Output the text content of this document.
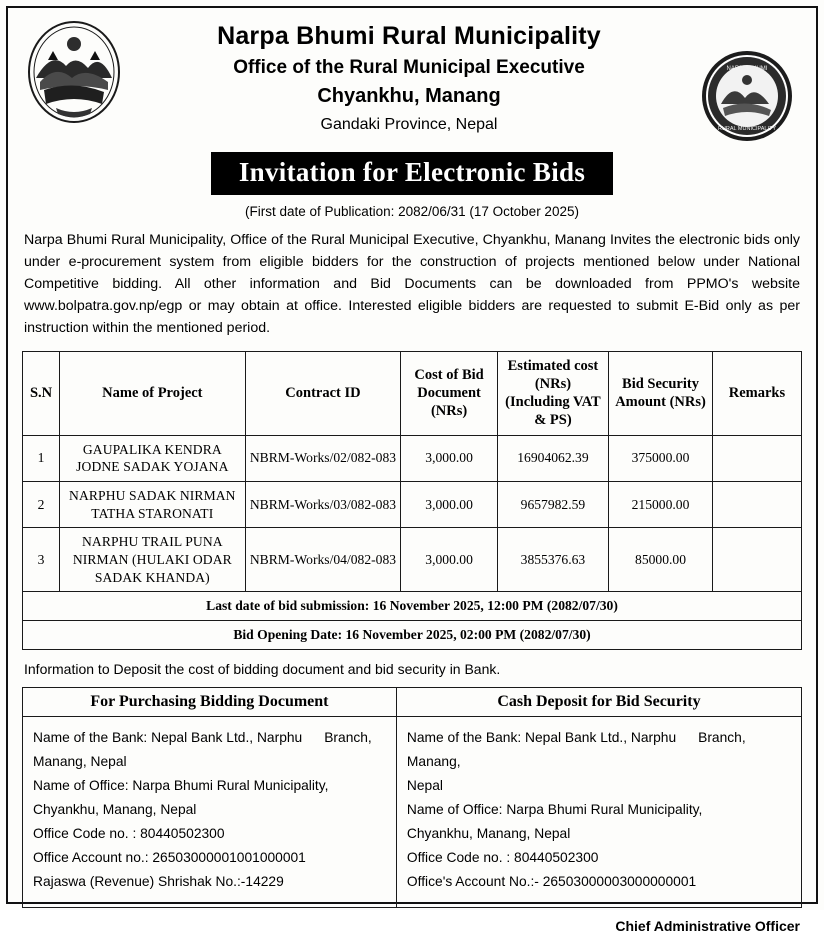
Narpa Bhumi Rural Municipality
Office of the Rural Municipal Executive
Chyankhu, Manang
Gandaki Province, Nepal
NARPA BHUMI
RURAL MUNICIPALITY
Invitation for Electronic Bids
(First date of Publication: 2082/06/31 (17 October 2025)
Narpa Bhumi Rural Municipality, Office of the Rural Municipal Executive, Chyankhu, Manang Invites the electronic bids only under e-procurement system from eligible bidders for the construction of projects mentioned below under National Competitive bidding. All other information and Bid Documents can be downloaded from PPMO's website www.bolpatra.gov.np/egp or may obtain at office. Interested eligible bidders are requested to submit E-Bid only as per instruction within the mentioned period.
S.N	Name of Project	Contract ID	Cost of Bid Document (NRs)	Estimated cost (NRs) (Including VAT & PS)	Bid Security Amount (NRs)	Remarks
1	GAUPALIKA KENDRA JODNE SADAK YOJANA	NBRM-Works/02/082-083	3,000.00	16904062.39	375000.00	
2	NARPHU SADAK NIRMAN TATHA STARONATI	NBRM-Works/03/082-083	3,000.00	9657982.59	215000.00	
3	NARPHU TRAIL PUNA NIRMAN (HULAKI ODAR SADAK KHANDA)	NBRM-Works/04/082-083	3,000.00	3855376.63	85000.00	
Last date of bid submission: 16 November 2025, 12:00 PM (2082/07/30)						
Bid Opening Date: 16 November 2025, 02:00 PM (2082/07/30)						
Information to Deposit the cost of bidding document and bid security in Bank.
For Purchasing Bidding Document	Cash Deposit for Bid Security

Name of the Bank: Nepal Bank Ltd., Narphu Branch,
Manang, Nepal
Name of Office: Narpa Bhumi Rural Municipality,
Chyankhu, Manang, Nepal
Office Code no. : 80440502300
Office Account no.: 26503000001001000001
Rajaswa (Revenue) Shrishak No.:-14229

Name of the Bank: Nepal Bank Ltd., Narphu Branch,
Manang,
Nepal
Name of Office: Narpa Bhumi Rural Municipality,
Chyankhu, Manang, Nepal
Office Code no. : 80440502300
Office's Account No.:- 26503000003000000001
Chief Administrative Officer
